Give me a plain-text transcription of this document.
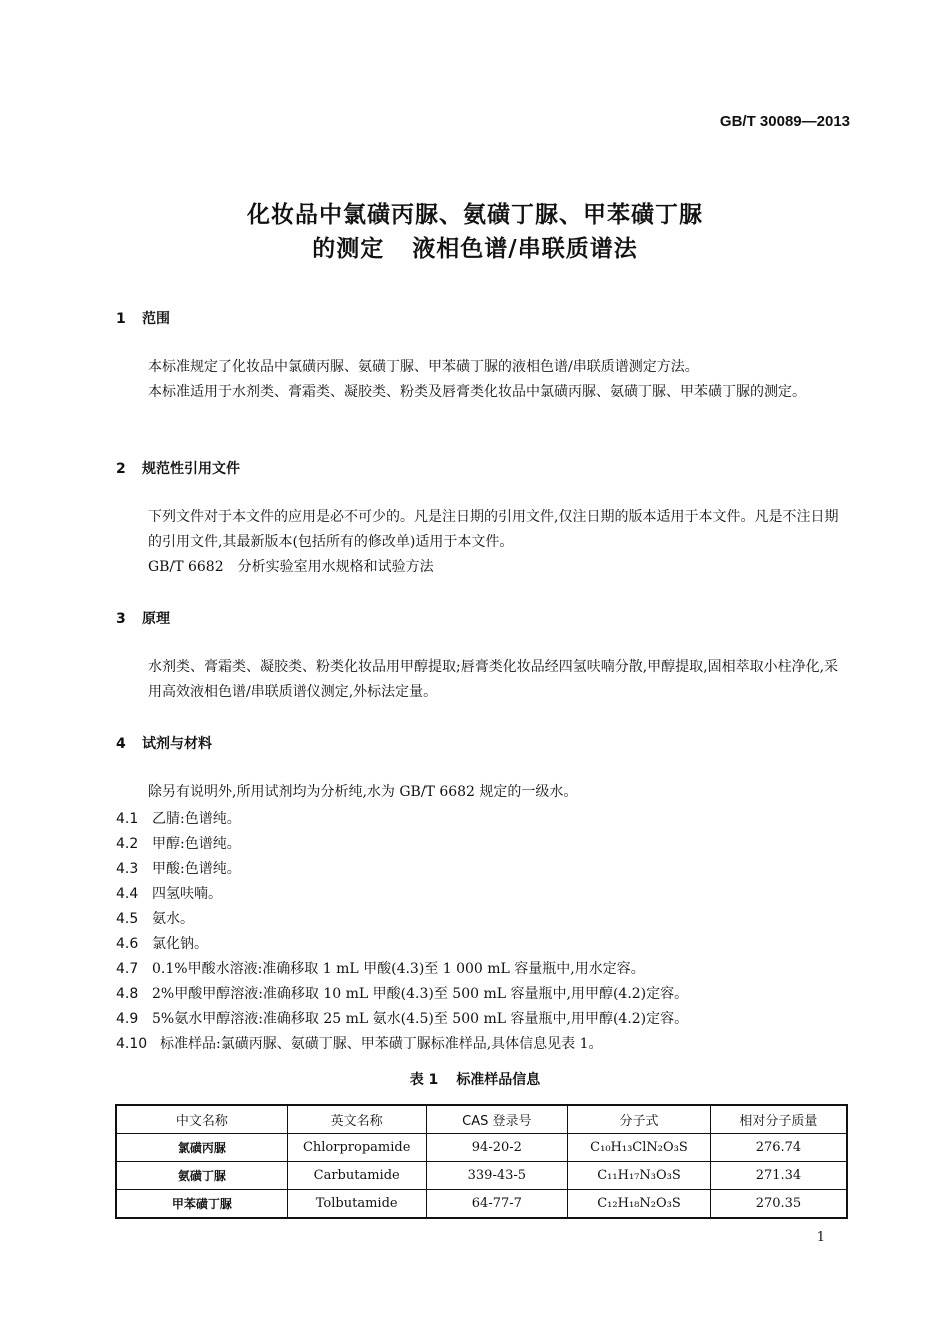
GB/T 30089—2013
化妆品中氯磺丙脲、氨磺丁脲、甲苯磺丁脲
的测定 液相色谱/串联质谱法
1 范围
本标准规定了化妆品中氯磺丙脲、氨磺丁脲、甲苯磺丁脲的液相色谱/串联质谱测定方法。
本标准适用于水剂类、膏霜类、凝胶类、粉类及唇膏类化妆品中氯磺丙脲、氨磺丁脲、甲苯磺丁脲的测定。
2 规范性引用文件
下列文件对于本文件的应用是必不可少的。凡是注日期的引用文件,仅注日期的版本适用于本文件。凡是不注日期的引用文件,其最新版本(包括所有的修改单)适用于本文件。
GB/T 6682　分析实验室用水规格和试验方法
3 原理
水剂类、膏霜类、凝胶类、粉类化妆品用甲醇提取;唇膏类化妆品经四氢呋喃分散,甲醇提取,固相萃取小柱净化,采用高效液相色谱/串联质谱仪测定,外标法定量。
4 试剂与材料
除另有说明外,所用试剂均为分析纯,水为 GB/T 6682 规定的一级水。
4.1 乙腈:色谱纯。
4.2 甲醇:色谱纯。
4.3 甲酸:色谱纯。
4.4 四氢呋喃。
4.5 氨水。
4.6 氯化钠。
4.7 0.1%甲酸水溶液:准确移取 1 mL 甲酸(4.3)至 1 000 mL 容量瓶中,用水定容。
4.8 2%甲酸甲醇溶液:准确移取 10 mL 甲酸(4.3)至 500 mL 容量瓶中,用甲醇(4.2)定容。
4.9 5%氨水甲醇溶液:准确移取 25 mL 氨水(4.5)至 500 mL 容量瓶中,用甲醇(4.2)定容。
4.10 标准样品:氯磺丙脲、氨磺丁脲、甲苯磺丁脲标准样品,具体信息见表 1。
表 1 标准样品信息
中文名称	英文名称	CAS 登录号	分子式	相对分子质量
氯磺丙脲	Chlorpropamide	94-20-2	C₁₀H₁₃ClN₂O₃S	276.74
氨磺丁脲	Carbutamide	339-43-5	C₁₁H₁₇N₃O₃S	271.34
甲苯磺丁脲	Tolbutamide	64-77-7	C₁₂H₁₈N₂O₃S	270.35
1
